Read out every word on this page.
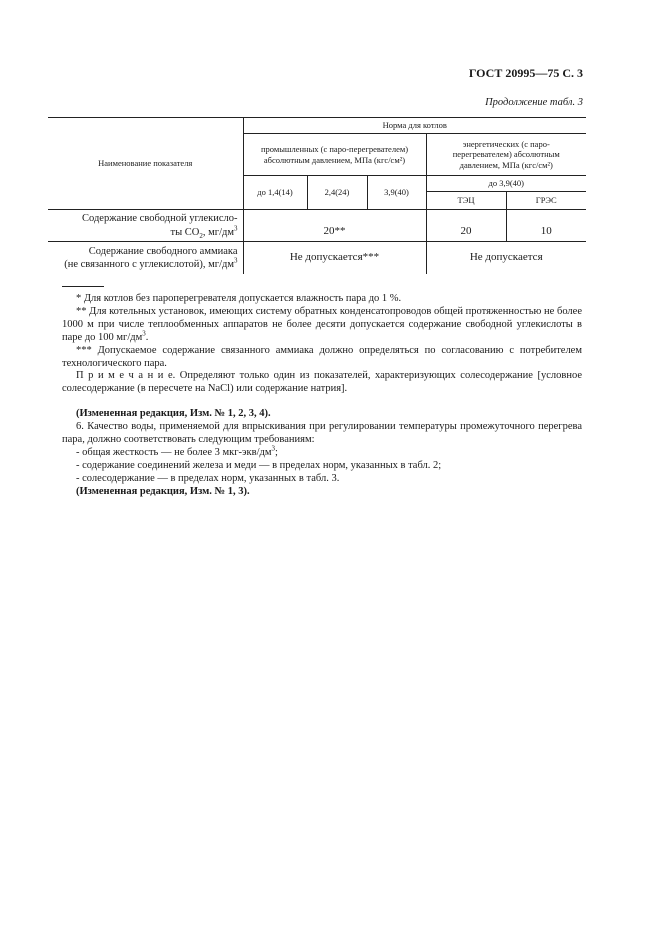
ГОСТ 20995—75 С. 3
Продолжение табл. 3
Наименование показателя	Норма для котлов				
	промышленных (с паро-перегревателем) абсолютным давлением, МПа (кгс/см²)			энергетических (с паро-перегревателем) абсолютным давлением, МПа (кгс/см²)	
	до 1,4(14)	2,4(24)	3,9(40)	до 3,9(40)	
				ТЭЦ	ГРЭС
Содержание свободной углекисло-
ты $CO_2$, $мг/дм^3$	20**			20	10
Содержание свободного аммиака
(не связанного с углекислотой), $мг/дм^3$	Не допускается***			Не допускается	
* Для котлов без пароперегревателя допускается влажность пара до 1 %.
** Для котельных установок, имеющих систему обратных конденсатопроводов общей протяженностью не более 1000 м при числе теплообменных аппаратов не более десяти допускается содержание свободной углекислоты в паре до 100 $мг/дм^3$.
*** Допускаемое содержание связанного аммиака должно определяться по согласованию с потребителем технологического пара.
П р и м е ч а н и е. Определяют только один из показателей, характеризующих солесодержание [условное солесодержание (в пересчете на NaCl) или содержание натрия].
(Измененная редакция, Изм. № 1, 2, 3, 4).
6. Качество воды, применяемой для впрыскивания при регулировании температуры промежуточного перегрева пара, должно соответствовать следующим требованиям:
- общая жесткость — не более 3 мкг-$экв/дм^3$;
- содержание соединений железа и меди — в пределах норм, указанных в табл. 2;
- солесодержание — в пределах норм, указанных в табл. 3.
(Измененная редакция, Изм. № 1, 3).
